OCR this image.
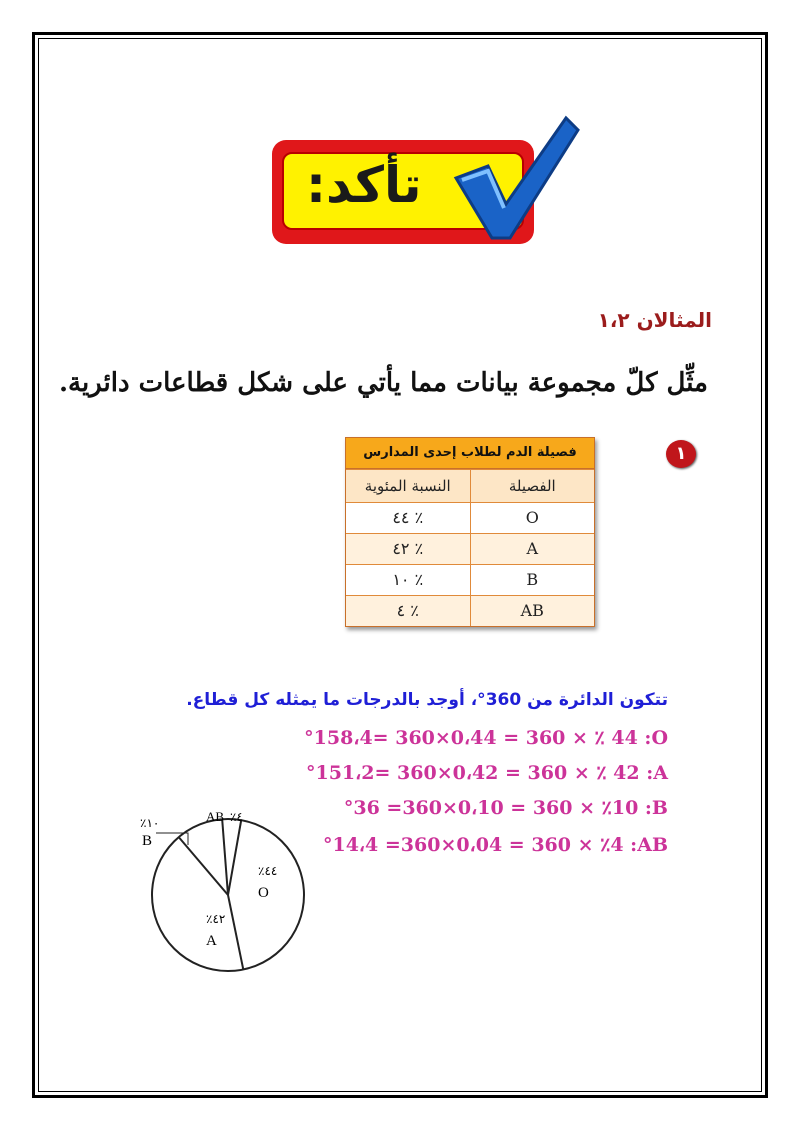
تأكد:
المثالان ١،٢
مثِّل كلّ مجموعة بيانات مما يأتي على شكل قطاعات دائرية.
١
فصيلة الدم لطلاب إحدى المدارس
النسبة المئوية	الفصيلة
٤٤ ٪	O
٤٢ ٪	A
١٠ ٪	B
٤ ٪	AB
تتكون الدائرة من 360°، أوجد بالدرجات ما يمثله كل قطاع.
°158،4= 360×0،44 = 360 × ٪ 44 :O
°151،2= 360×0،42 = 360 × ٪ 42 :A
°36 =360×0،10 = 360 × ٪10 :B
°14،4 =360×0،04 = 360 × ٪4 :AB
٪٤٤
O
٪٤٢
A
٪١٠
B
AB ٪٤
